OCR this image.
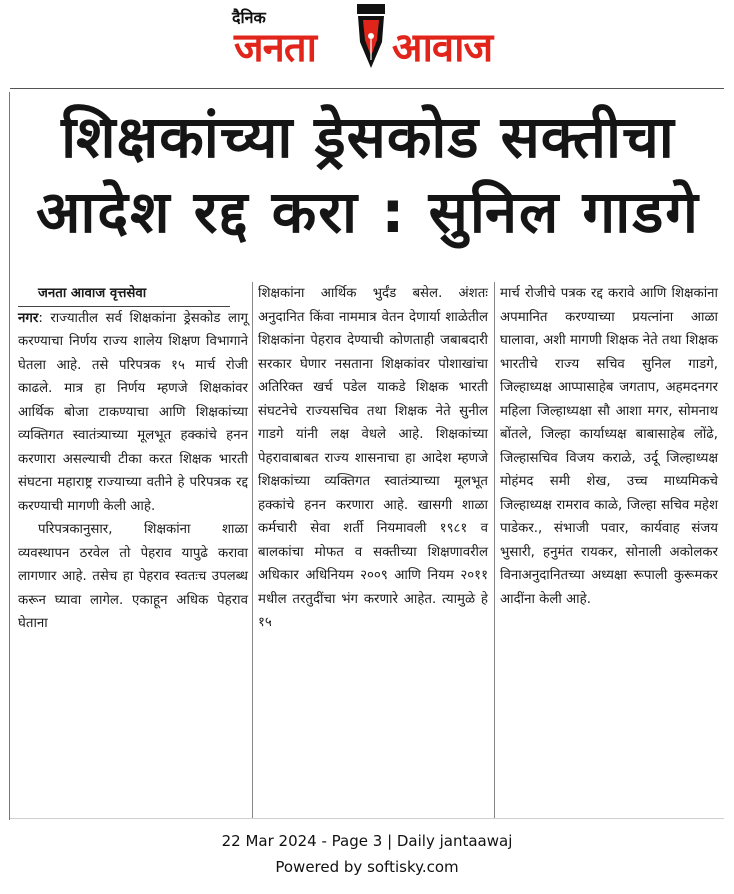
दैनिक
जनता आवाज
शिक्षकांच्या ड्रेसकोड सक्तीचा
आदेश रद्द करा : सुनिल गाडगे
जनता आवाज वृत्तसेवा

नगर: राज्यातील सर्व शिक्षकांना ड्रेसकोड लागू करण्याचा निर्णय राज्य शालेय शिक्षण विभागाने घेतला आहे. तसे परिपत्रक १५ मार्च रोजी काढले. मात्र हा निर्णय म्हणजे शिक्षकांवर आर्थिक बोजा टाकण्याचा आणि शिक्षकांच्या व्यक्तिगत स्वातंत्र्याच्या मूलभूत हक्कांचे हनन करणारा असल्याची टीका करत शिक्षक भारती संघटना महाराष्ट्र राज्याच्या वतीने हे परिपत्रक रद्द करण्याची मागणी केली आहे.

परिपत्रकानुसार, शिक्षकांना शाळा व्यवस्थापन ठरवेल तो पेहराव यापुढे करावा लागणार आहे. तसेच हा पेहराव स्वतःच उपलब्ध करून घ्यावा लागेल. एकाहून अधिक पेहराव घेताना

शिक्षकांना आर्थिक भुर्दंड बसेल. अंशतः अनुदानित किंवा नाममात्र वेतन देणार्या शाळेतील शिक्षकांना पेहराव देण्याची कोणताही जबाबदारी सरकार घेणार नसताना शिक्षकांवर पोशाखांचा अतिरिक्त खर्च पडेल याकडे शिक्षक भारती संघटनेचे राज्यसचिव तथा शिक्षक नेते सुनील गाडगे यांनी लक्ष वेधले आहे. शिक्षकांच्या पेहरावाबाबत राज्य शासनाचा हा आदेश म्हणजे शिक्षकांच्या व्यक्तिगत स्वातंत्र्याच्या मूलभूत हक्कांचे हनन करणारा आहे. खासगी शाळा कर्मचारी सेवा शर्ती नियमावली १९८१ व बालकांचा मोफत व सक्तीच्या शिक्षणावरील अधिकार अधिनियम २००९ आणि नियम २०११ मधील तरतुदींचा भंग करणारे आहेत. त्यामुळे हे १५

मार्च रोजीचे पत्रक रद्द करावे आणि शिक्षकांना अपमानित करण्याच्या प्रयत्नांना आळा घालावा, अशी मागणी शिक्षक नेते तथा शिक्षक भारतीचे राज्य सचिव सुनिल गाडगे, जिल्हाध्यक्ष आप्पासाहेब जगताप, अहमदनगर महिला जिल्हाध्यक्षा सौ आशा मगर, सोमनाथ बोंतले, जिल्हा कार्याध्यक्ष बाबासाहेब लोंढे, जिल्हासचिव विजय कराळे, उर्दू जिल्हाध्यक्ष मोहंमद समी शेख, उच्च माध्यमिकचे जिल्हाध्यक्ष रामराव काळे, जिल्हा सचिव महेश पाडेकर., संभाजी पवार, कार्यवाह संजय भुसारी, हनुमंत रायकर, सोनाली अकोलकर विनाअनुदानितच्या अध्यक्षा रूपाली कुरूमकर आदींना केली आहे.

22 Mar 2024 - Page 3 | Daily jantaawaj
Powered by softisky.com
